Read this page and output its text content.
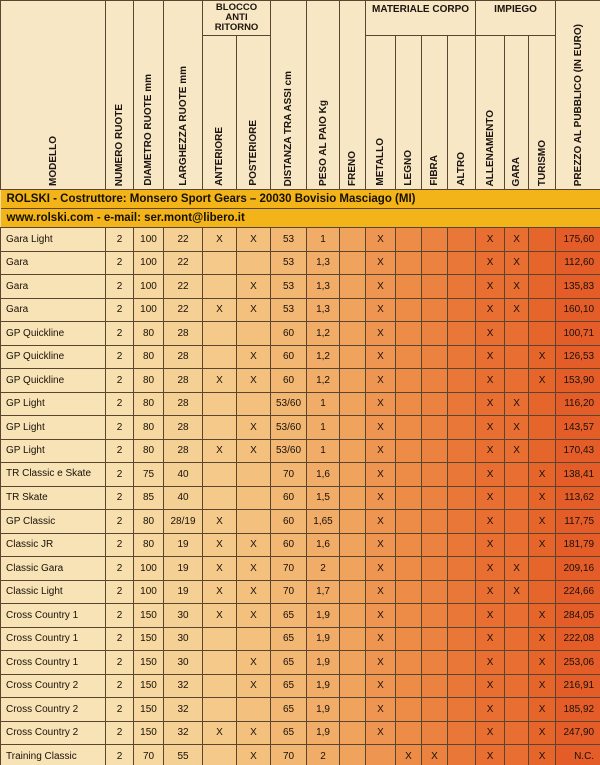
MODELLO	NUMERO RUOTE	DIAMETRO RUOTE mm	LARGHEZZA RUOTE mm	BLOCCO ANTI RITORNO		DISTANZA TRA ASSI cm	PESO AL PAIO Kg	FRENO	MATERIALE CORPO				IMPIEGO			PREZZO AL PUBBLICO (IN EURO)
				ANTERIORE	POSTERIORE				METALLO	LEGNO	FIBRA	ALTRO	ALLENAMENTO	GARA	TURISMO	
ROLSKI - Costruttore: Monsero Sport Gears – 20030 Bovisio Masciago (MI)																
www.rolski.com - e-mail: ser.mont@libero.it																
Gara Light	2	100	22	X	X	53	1		X				X	X		175,60
Gara	2	100	22			53	1,3		X				X	X		112,60
Gara	2	100	22		X	53	1,3		X				X	X		135,83
Gara	2	100	22	X	X	53	1,3		X				X	X		160,10
GP Quickline	2	80	28			60	1,2		X				X			100,71
GP Quickline	2	80	28		X	60	1,2		X				X		X	126,53
GP Quickline	2	80	28	X	X	60	1,2		X				X		X	153,90
GP Light	2	80	28			53/60	1		X				X	X		116,20
GP Light	2	80	28		X	53/60	1		X				X	X		143,57
GP Light	2	80	28	X	X	53/60	1		X				X	X		170,43
TR Classic e Skate	2	75	40			70	1,6		X				X		X	138,41
TR Skate	2	85	40			60	1,5		X				X		X	113,62
GP Classic	2	80	28/19	X		60	1,65		X				X		X	117,75
Classic JR	2	80	19	X	X	60	1,6		X				X		X	181,79
Classic Gara	2	100	19	X	X	70	2		X				X	X		209,16
Classic Light	2	100	19	X	X	70	1,7		X				X	X		224,66
Cross Country 1	2	150	30	X	X	65	1,9		X				X		X	284,05
Cross Country 1	2	150	30			65	1,9		X				X		X	222,08
Cross Country 1	2	150	30		X	65	1,9		X				X		X	253,06
Cross Country 2	2	150	32		X	65	1,9		X				X		X	216,91
Cross Country 2	2	150	32			65	1,9		X				X		X	185,92
Cross Country 2	2	150	32	X	X	65	1,9		X				X		X	247,90
Training Classic	2	70	55		X	70	2			X	X		X		X	N.C.
